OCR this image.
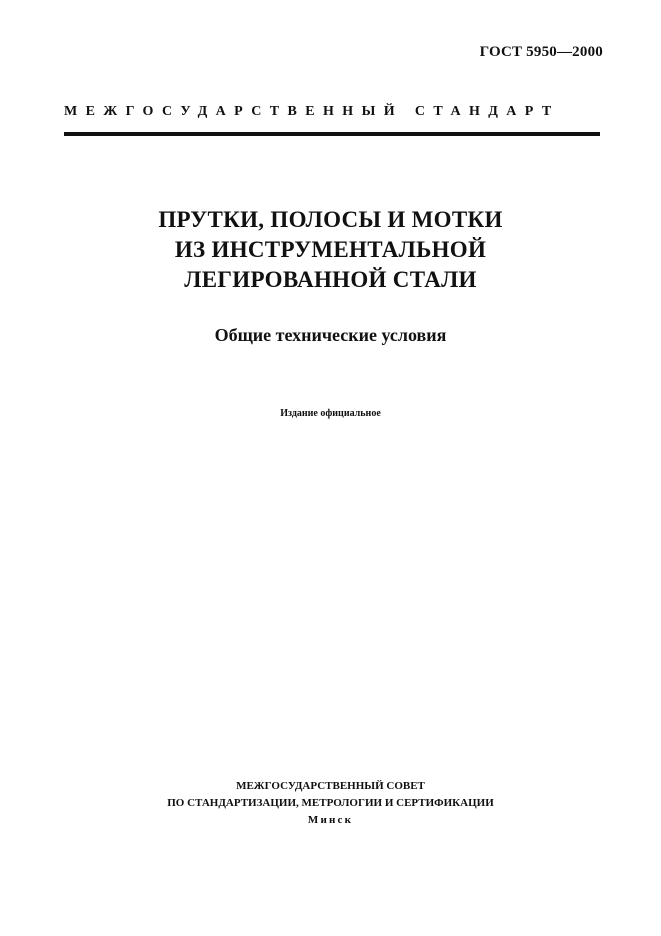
ГОСТ 5950—2000
МЕЖГОСУДАРСТВЕННЫЙ СТАНДАРТ
ПРУТКИ, ПОЛОСЫ И МОТКИ
ИЗ ИНСТРУМЕНТАЛЬНОЙ
ЛЕГИРОВАННОЙ СТАЛИ
Общие технические условия
Издание официальное
МЕЖГОСУДАРСТВЕННЫЙ СОВЕТ
ПО СТАНДАРТИЗАЦИИ, МЕТРОЛОГИИ И СЕРТИФИКАЦИИ
Минск
